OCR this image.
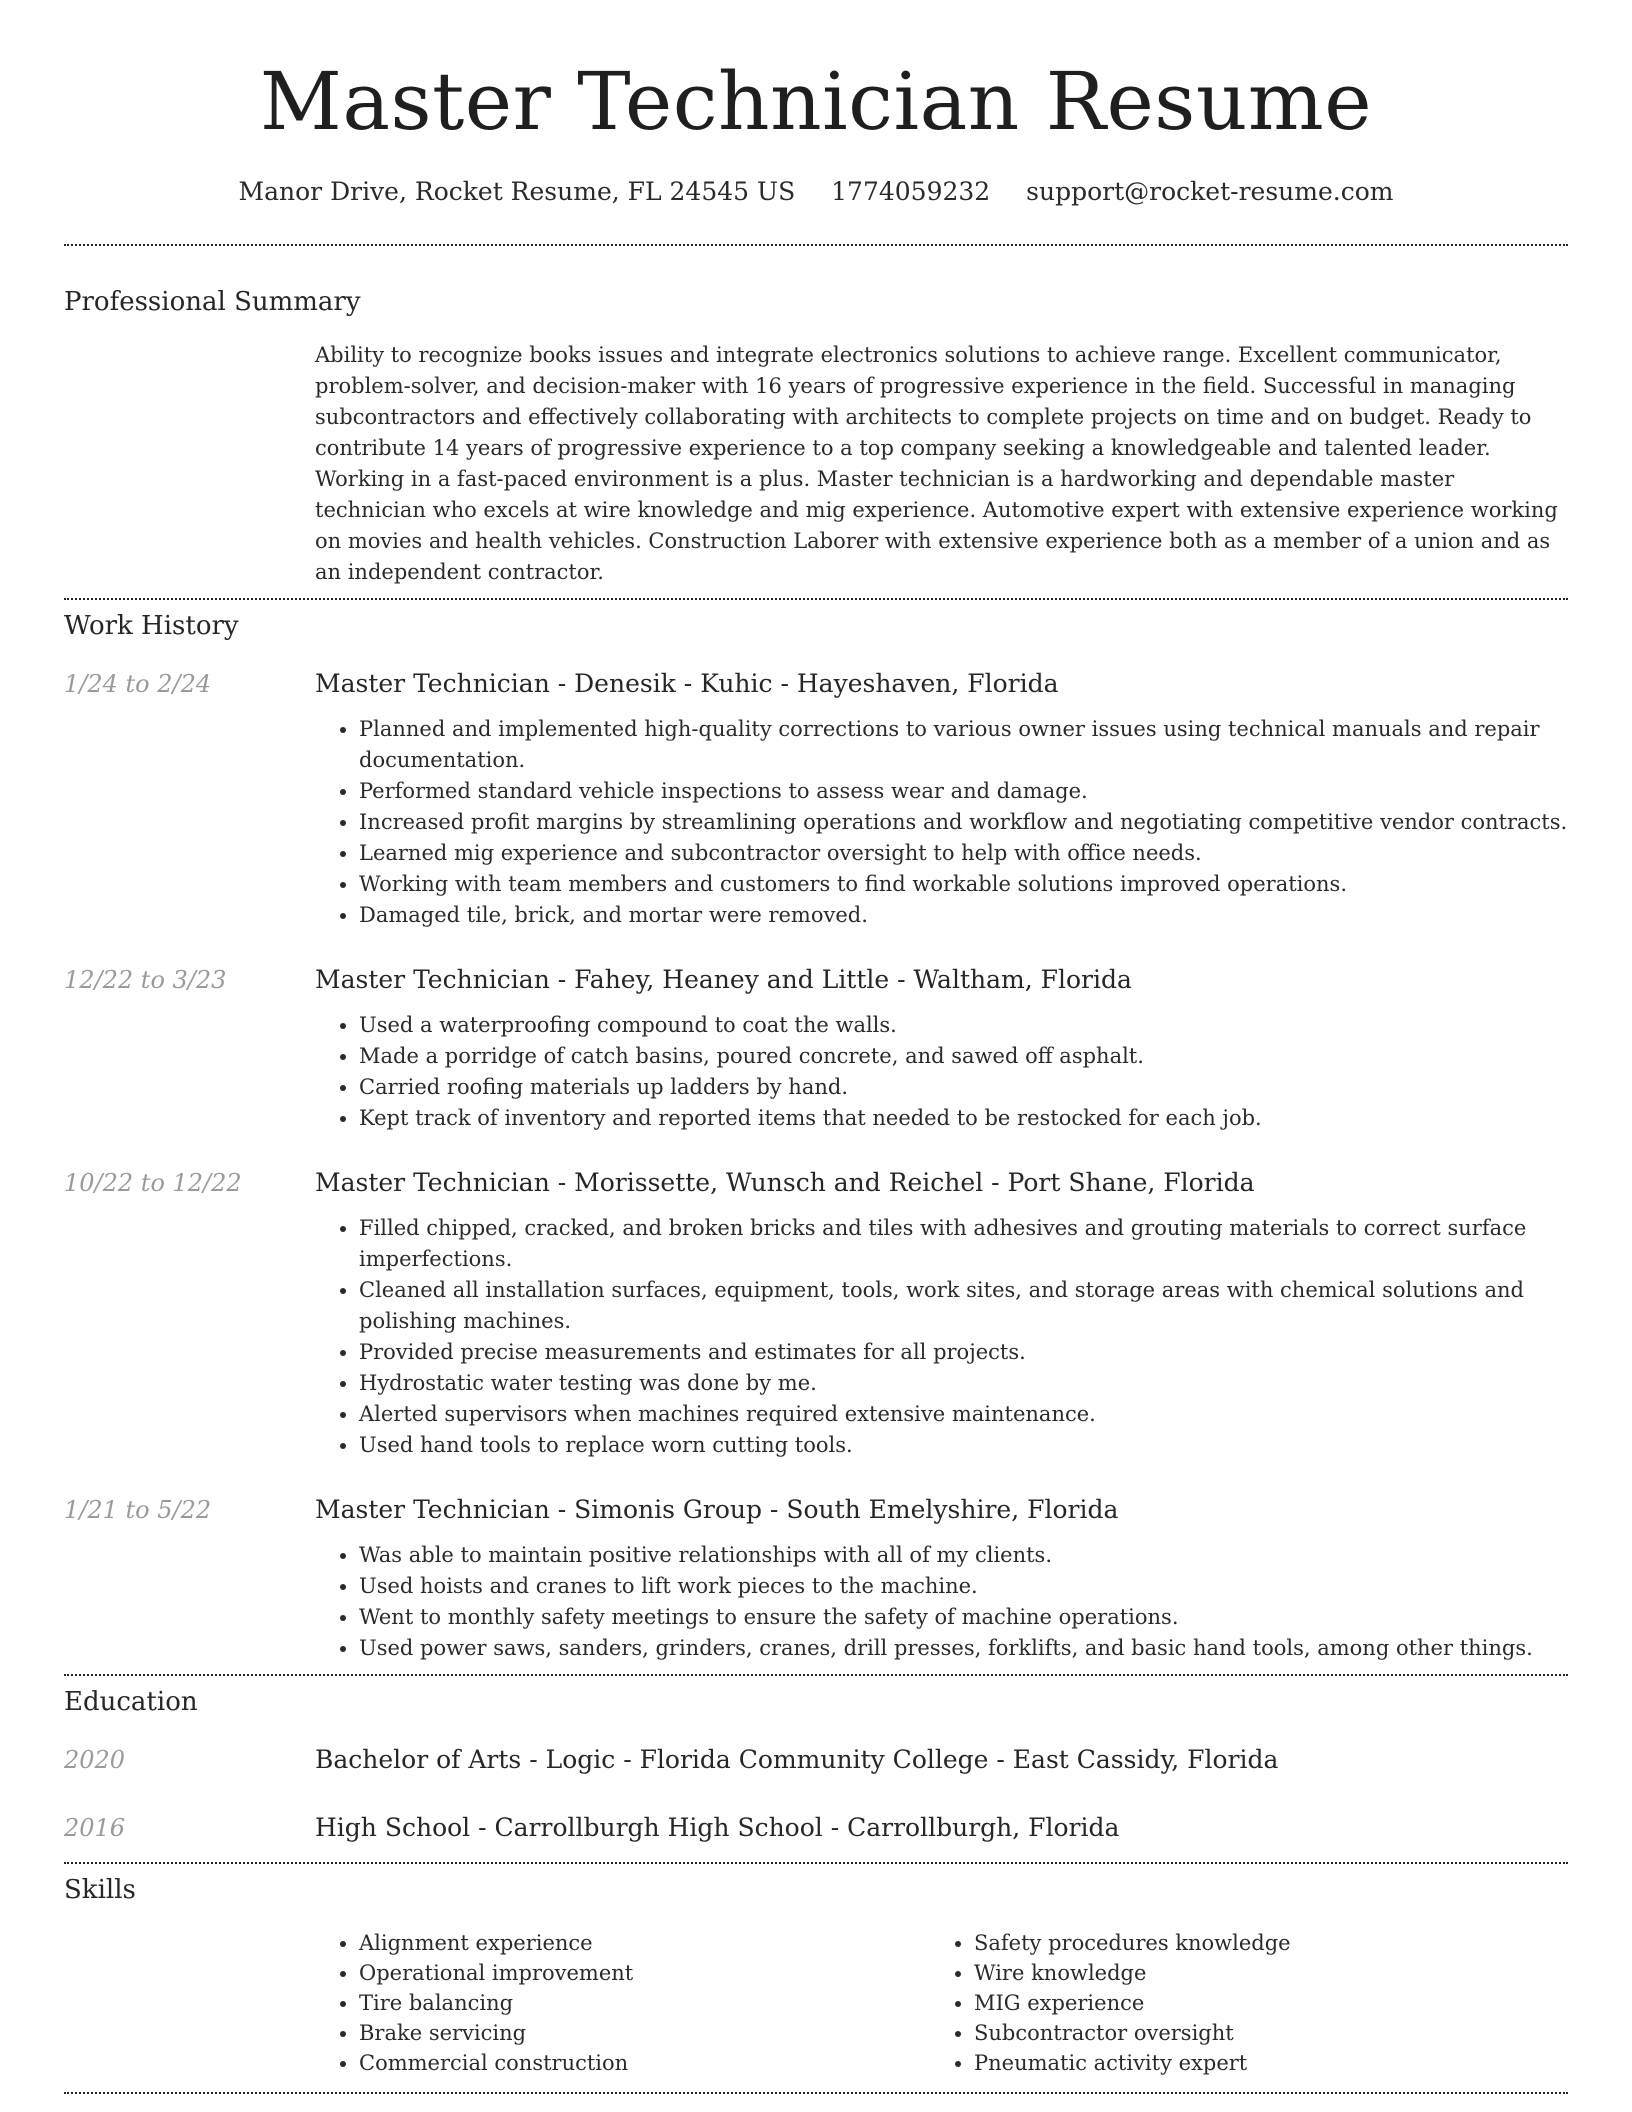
Master Technician Resume
Manor Drive, Rocket Resume, FL 24545 US 1774059232 support@rocket-resume.com
Professional Summary

Ability to recognize books issues and integrate electronics solutions to achieve range. Excellent communicator, problem-solver, and decision-maker with 16 years of progressive experience in the field. Successful in managing subcontractors and effectively collaborating with architects to complete projects on time and on budget. Ready to contribute 14 years of progressive experience to a top company seeking a knowledgeable and talented leader. Working in a fast-paced environment is a plus. Master technician is a hardworking and dependable master technician who excels at wire knowledge and mig experience. Automotive expert with extensive experience working on movies and health vehicles. Construction Laborer with extensive experience both as a member of a union and as an independent contractor.

Work History
1/24 to 2/24	Master Technician - Denesik - Kuhic - Hayeshaven, Florida
• Planned and implemented high-quality corrections to various owner issues using technical manuals and repair documentation.
• Performed standard vehicle inspections to assess wear and damage.
• Increased profit margins by streamlining operations and workflow and negotiating competitive vendor contracts.
• Learned mig experience and subcontractor oversight to help with office needs.
• Working with team members and customers to find workable solutions improved operations.
• Damaged tile, brick, and mortar were removed.
12/22 to 3/23	Master Technician - Fahey, Heaney and Little - Waltham, Florida
• Used a waterproofing compound to coat the walls.
• Made a porridge of catch basins, poured concrete, and sawed off asphalt.
• Carried roofing materials up ladders by hand.
• Kept track of inventory and reported items that needed to be restocked for each job.
10/22 to 12/22	Master Technician - Morissette, Wunsch and Reichel - Port Shane, Florida
• Filled chipped, cracked, and broken bricks and tiles with adhesives and grouting materials to correct surface imperfections.
• Cleaned all installation surfaces, equipment, tools, work sites, and storage areas with chemical solutions and polishing machines.
• Provided precise measurements and estimates for all projects.
• Hydrostatic water testing was done by me.
• Alerted supervisors when machines required extensive maintenance.
• Used hand tools to replace worn cutting tools.
1/21 to 5/22	Master Technician - Simonis Group - South Emelyshire, Florida
• Was able to maintain positive relationships with all of my clients.
• Used hoists and cranes to lift work pieces to the machine.
• Went to monthly safety meetings to ensure the safety of machine operations.
• Used power saws, sanders, grinders, cranes, drill presses, forklifts, and basic hand tools, among other things.
Education
2020	Bachelor of Arts - Logic - Florida Community College - East Cassidy, Florida
2016	High School - Carrollburgh High School - Carrollburgh, Florida
Skills
• Alignment experience
• Operational improvement
• Tire balancing
• Brake servicing
• Commercial construction
• Safety procedures knowledge
• Wire knowledge
• MIG experience
• Subcontractor oversight
• Pneumatic activity expert
